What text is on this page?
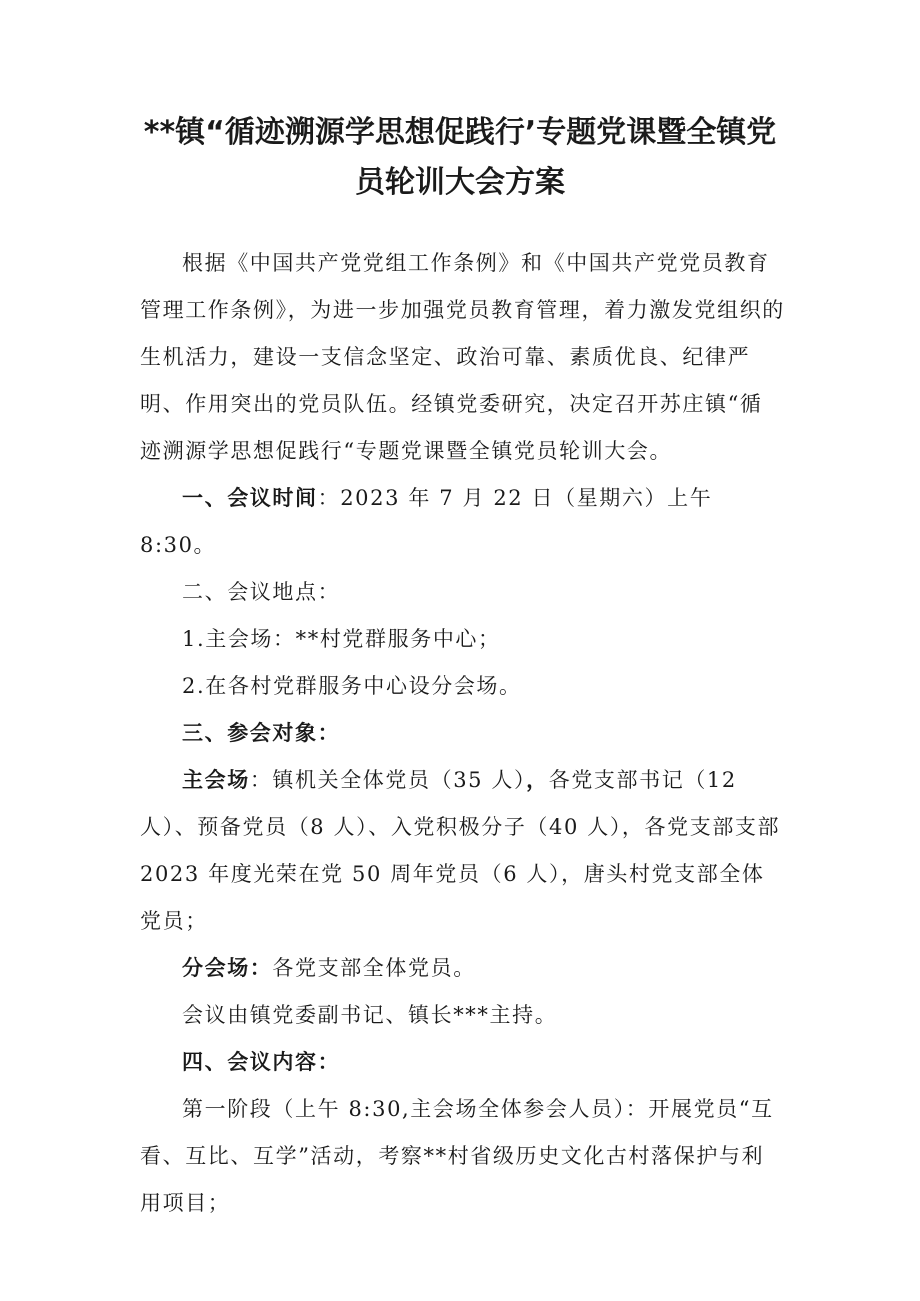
**镇“循迹溯源学思想促践行’专题党课暨全镇党员轮训大会方案

根据《中国共产党党组工作条例》和《中国共产党党员教育管理工作条例》，为进一步加强党员教育管理，着力激发党组织的生机活力，建设一支信念坚定、政治可靠、素质优良、纪律严明、作用突出的党员队伍。经镇党委研究，决定召开苏庄镇“循迹溯源学思想促践行“专题党课暨全镇党员轮训大会。

一、会议时间：2023 年 7 月 22 日（星期六）上午 8:30。

二、会议地点：

1.主会场：**村党群服务中心；

2.在各村党群服务中心设分会场。

三、参会对象：

主会场：镇机关全体党员（35 人），各党支部书记（12 人）、预备党员（8 人）、入党积极分子（40 人），各党支部支部 2023 年度光荣在党 50 周年党员（6 人），唐头村党支部全体党员；

分会场：各党支部全体党员。

会议由镇党委副书记、镇长***主持。

四、会议内容：

第一阶段（上午 8:30,主会场全体参会人员）：开展党员“互看、互比、互学”活动，考察**村省级历史文化古村落保护与利用项目；
